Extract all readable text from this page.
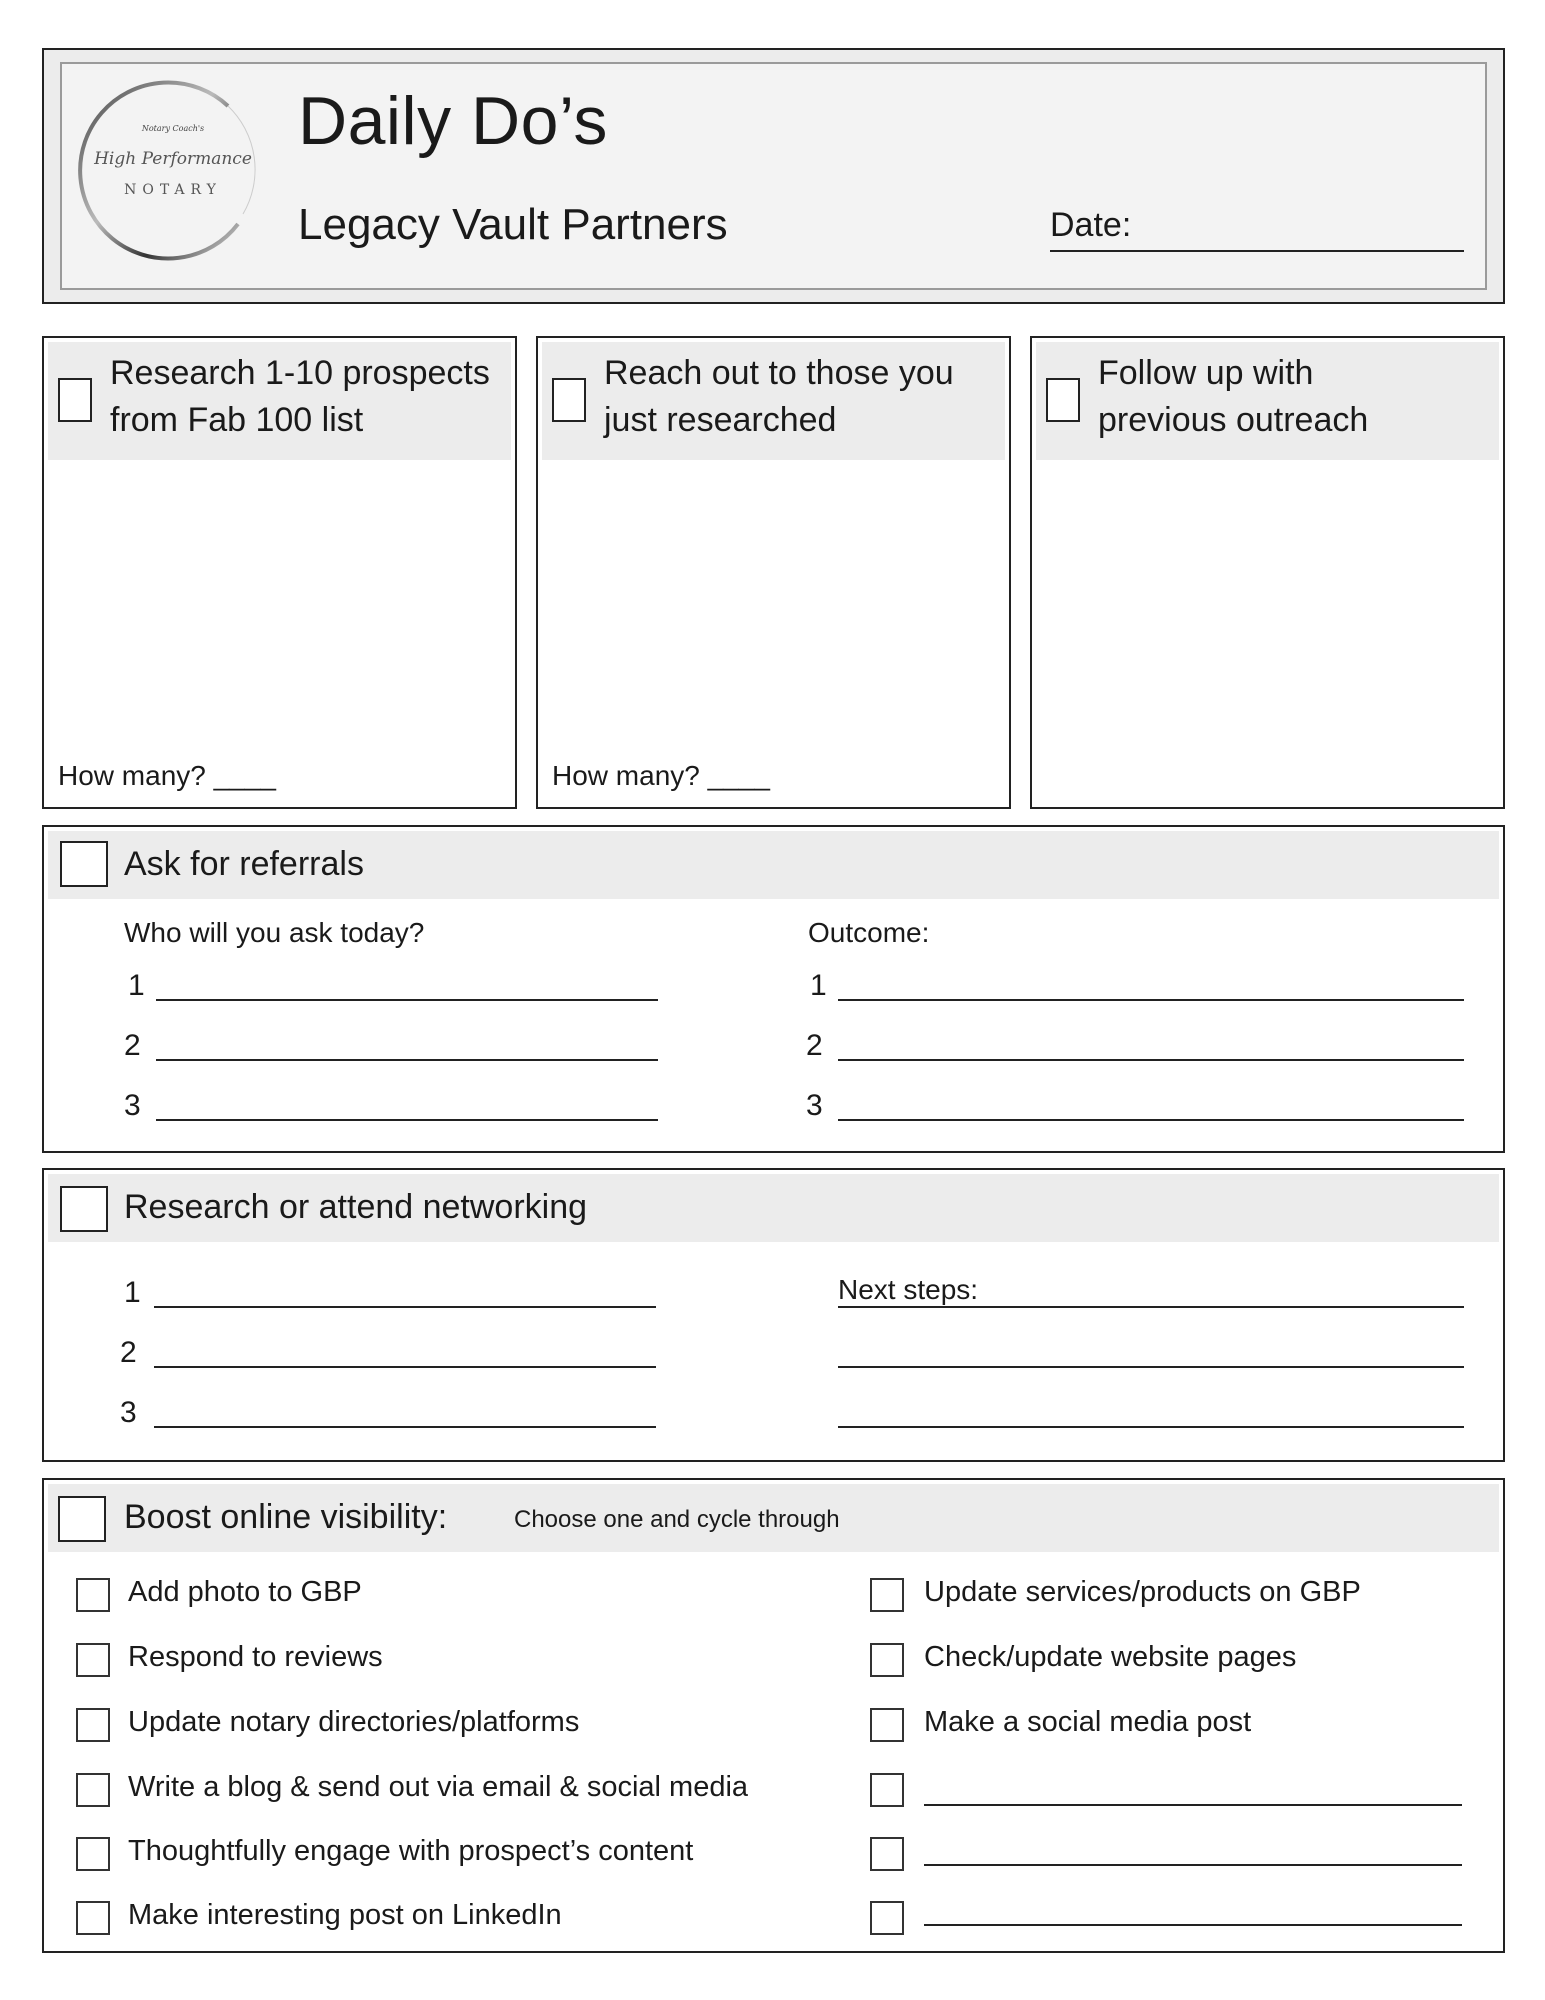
Notary Coach's
High Performance
NOTARY
Daily Do’s
Legacy Vault Partners	Date:
Research 1-10 prospects
from Fab 100 list
How many? ____
Reach out to those you
just researched
How many? ____
Follow up with
previous outreach
Ask for referrals
Who will you ask today?	Outcome:
1	1
2	2
3	3
Research or attend networking
1
2
3
Next steps:
Boost online visibility:	Choose one and cycle through
Add photo to GBP
Respond to reviews
Update notary directories/platforms
Write a blog & send out via email & social media
Thoughtfully engage with prospect’s content
Make interesting post on LinkedIn
Update services/products on GBP
Check/update website pages
Make a social media post
